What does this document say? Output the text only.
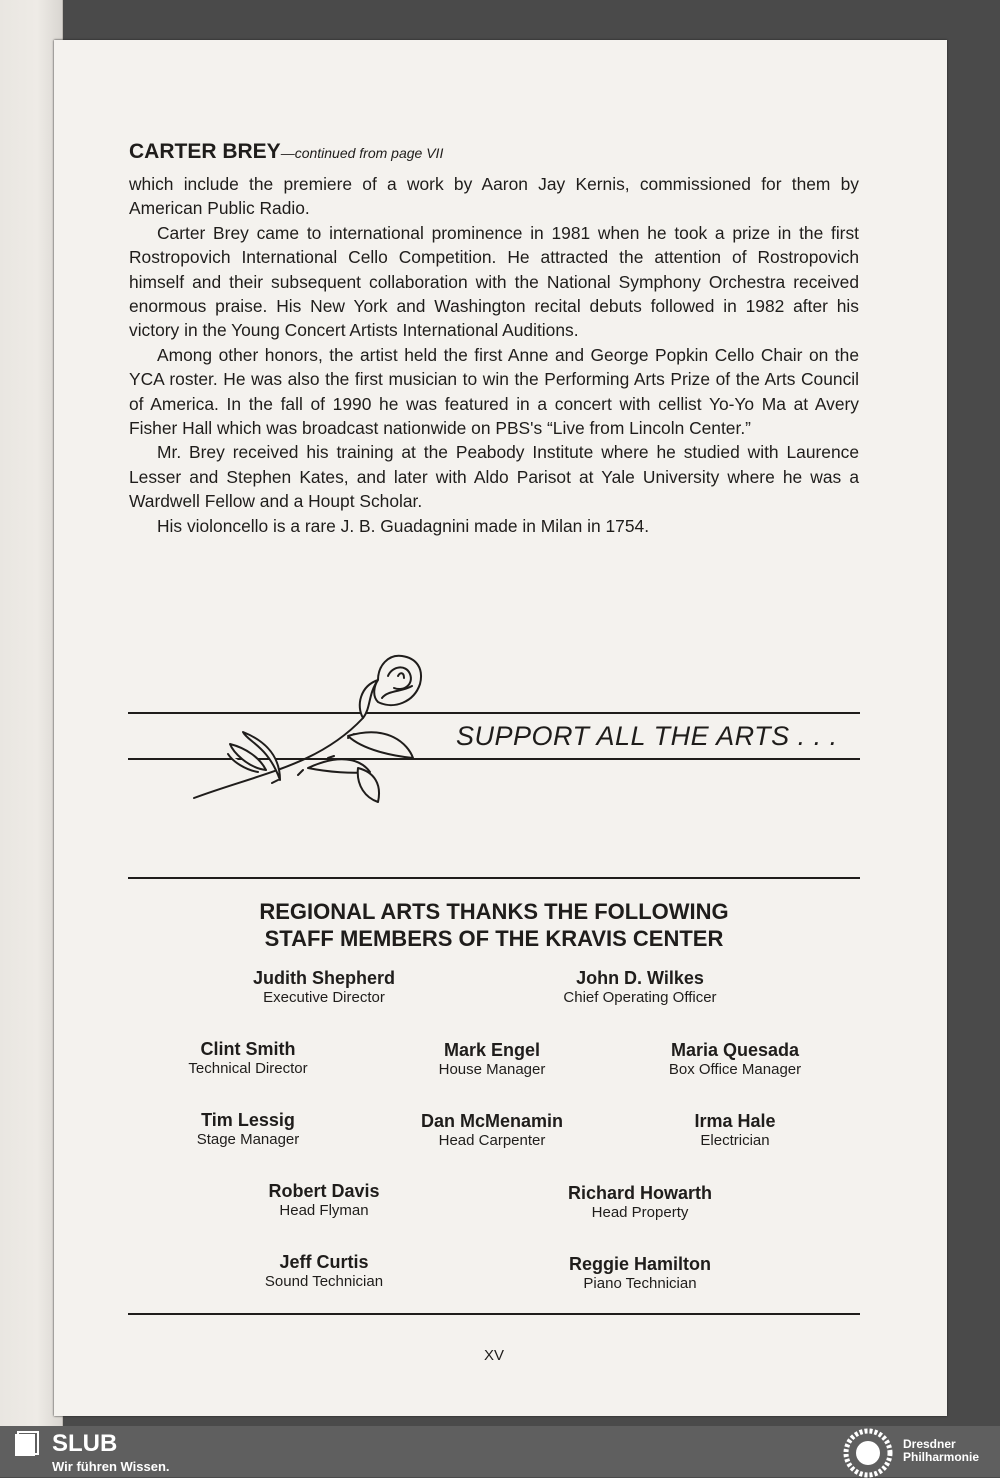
CARTER BREY—continued from page VII

which include the premiere of a work by Aaron Jay Kernis, commissioned for them by American Public Radio.

Carter Brey came to international prominence in 1981 when he took a prize in the first Rostropovich International Cello Competition. He attracted the attention of Rostropovich himself and their subsequent collaboration with the National Symphony Orchestra received enormous praise. His New York and Washington recital debuts followed in 1982 after his victory in the Young Concert Artists International Auditions.

Among other honors, the artist held the first Anne and George Popkin Cello Chair on the YCA roster. He was also the first musician to win the Performing Arts Prize of the Arts Council of America. In the fall of 1990 he was featured in a concert with cellist Yo-Yo Ma at Avery Fisher Hall which was broadcast nationwide on PBS's “Live from Lincoln Center.”

Mr. Brey received his training at the Peabody Institute where he studied with Laurence Lesser and Stephen Kates, and later with Aldo Parisot at Yale University where he was a Wardwell Fellow and a Houpt Scholar.

His violoncello is a rare J. B. Guadagnini made in Milan in 1754.

SUPPORT ALL THE ARTS . . .
REGIONAL ARTS THANKS THE FOLLOWING
STAFF MEMBERS OF THE KRAVIS CENTER
Judith Shepherd
Executive Director
John D. Wilkes
Chief Operating Officer
Clint Smith
Technical Director
Mark Engel
House Manager
Maria Quesada
Box Office Manager
Tim Lessig
Stage Manager
Dan McMenamin
Head Carpenter
Irma Hale
Electrician
Robert Davis
Head Flyman
Richard Howarth
Head Property
Jeff Curtis
Sound Technician
Reggie Hamilton
Piano Technician
XV
SLUB
Wir führen Wissen.
Dresdner
Philharmonie
